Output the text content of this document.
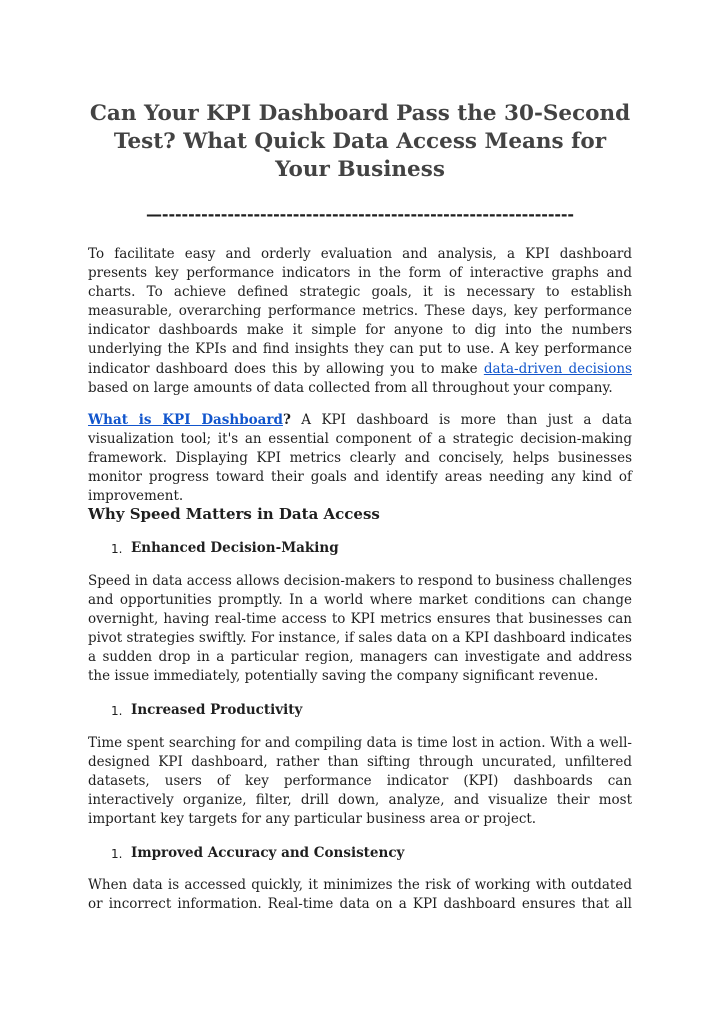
Can Your KPI Dashboard Pass the 30-Second Test? What Quick Data Access Means for Your Business
—---------------------------------------------------------------

To facilitate easy and orderly evaluation and analysis, a KPI dashboard presents key performance indicators in the form of interactive graphs and charts. To achieve defined strategic goals, it is necessary to establish measurable, overarching performance metrics. These days, key performance indicator dashboards make it simple for anyone to dig into the numbers underlying the KPIs and find insights they can put to use. A key performance indicator dashboard does this by allowing you to make data-driven decisions based on large amounts of data collected from all throughout your company.

What is KPI Dashboard? A KPI dashboard is more than just a data visualization tool; it's an essential component of a strategic decision-making framework. Displaying KPI metrics clearly and concisely, helps businesses monitor progress toward their goals and identify areas needing any kind of improvement.

Why Speed Matters in Data Access
1. Enhanced Decision-Making

Speed in data access allows decision-makers to respond to business challenges and opportunities promptly. In a world where market conditions can change overnight, having real-time access to KPI metrics ensures that businesses can pivot strategies swiftly. For instance, if sales data on a KPI dashboard indicates a sudden drop in a particular region, managers can investigate and address the issue immediately, potentially saving the company significant revenue.

1. Increased Productivity

Time spent searching for and compiling data is time lost in action. With a well-designed KPI dashboard, rather than sifting through uncurated, unfiltered datasets, users of key performance indicator (KPI) dashboards can interactively organize, filter, drill down, analyze, and visualize their most important key targets for any particular business area or project.

1. Improved Accuracy and Consistency

When data is accessed quickly, it minimizes the risk of working with outdated or incorrect information. Real-time data on a KPI dashboard ensures that all
